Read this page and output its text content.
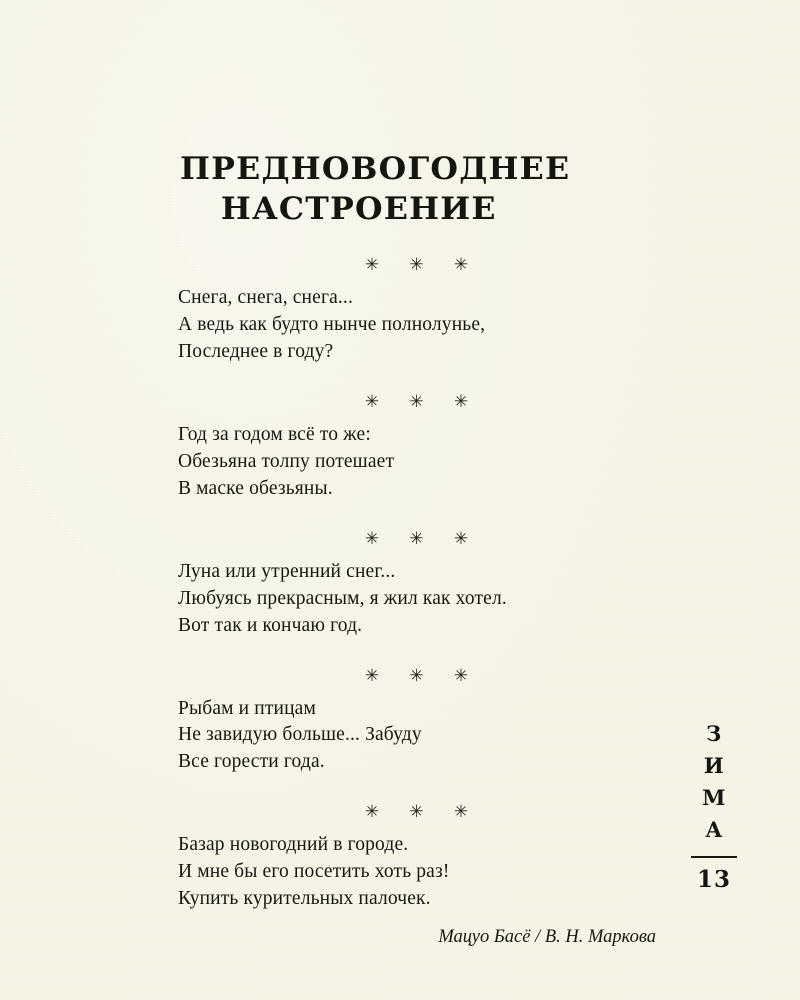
ПРЕДНОВОГОДНЕЕ
НАСТРОЕНИЕ
✳ ✳ ✳
Снега, снега, снега...
А ведь как будто нынче полнолунье,
Последнее в году?
✳ ✳ ✳
Год за годом всё то же:
Обезьяна толпу потешает
В маске обезьяны.
✳ ✳ ✳
Луна или утренний снег...
Любуясь прекрасным, я жил как хотел.
Вот так и кончаю год.
✳ ✳ ✳
Рыбам и птицам
Не завидую больше... Забуду
Все горести года.
✳ ✳ ✳
Базар новогодний в городе.
И мне бы его посетить хоть раз!
Купить курительных палочек.
Мацуо Басё / В. Н. Маркова
З
И
М
А
13
